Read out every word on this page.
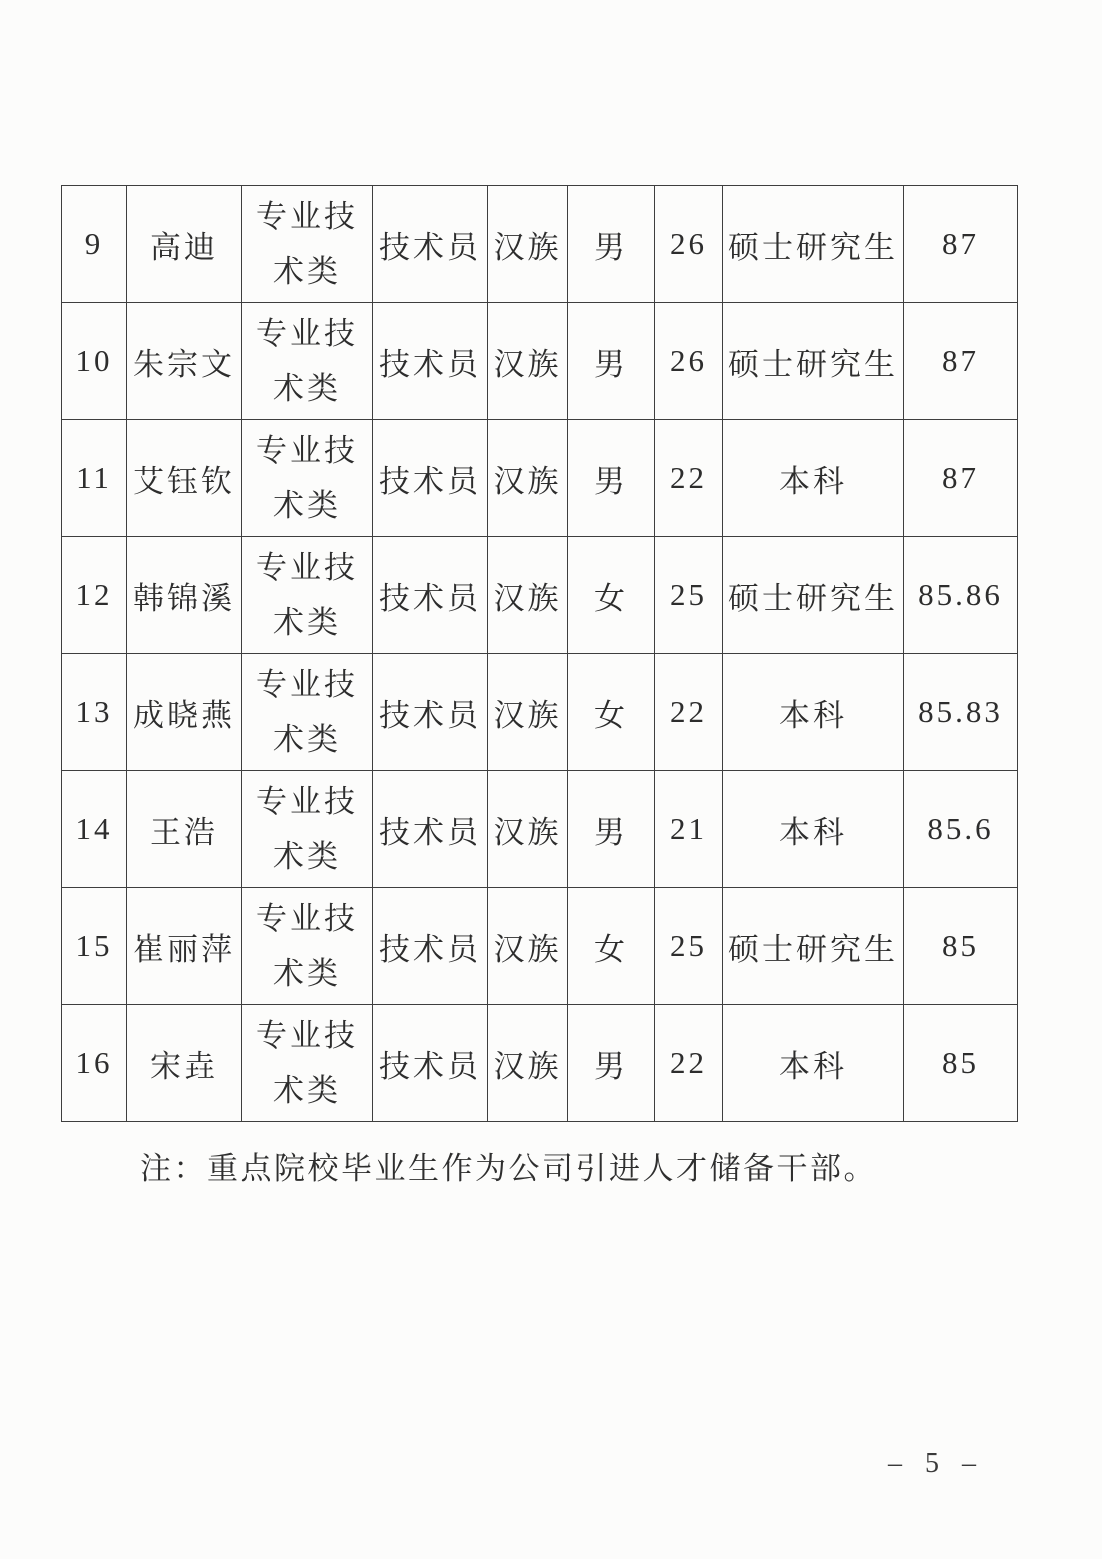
9	高迪	专业技术类	技术员	汉族	男	26	硕士研究生	87
10	朱宗文	专业技术类	技术员	汉族	男	26	硕士研究生	87
11	艾钰钦	专业技术类	技术员	汉族	男	22	本科	87
12	韩锦溪	专业技术类	技术员	汉族	女	25	硕士研究生	85.86
13	成晓燕	专业技术类	技术员	汉族	女	22	本科	85.83
14	王浩	专业技术类	技术员	汉族	男	21	本科	85.6
15	崔丽萍	专业技术类	技术员	汉族	女	25	硕士研究生	85
16	宋垚	专业技术类	技术员	汉族	男	22	本科	85
注：重点院校毕业生作为公司引进人才储备干部。
– 5 –
